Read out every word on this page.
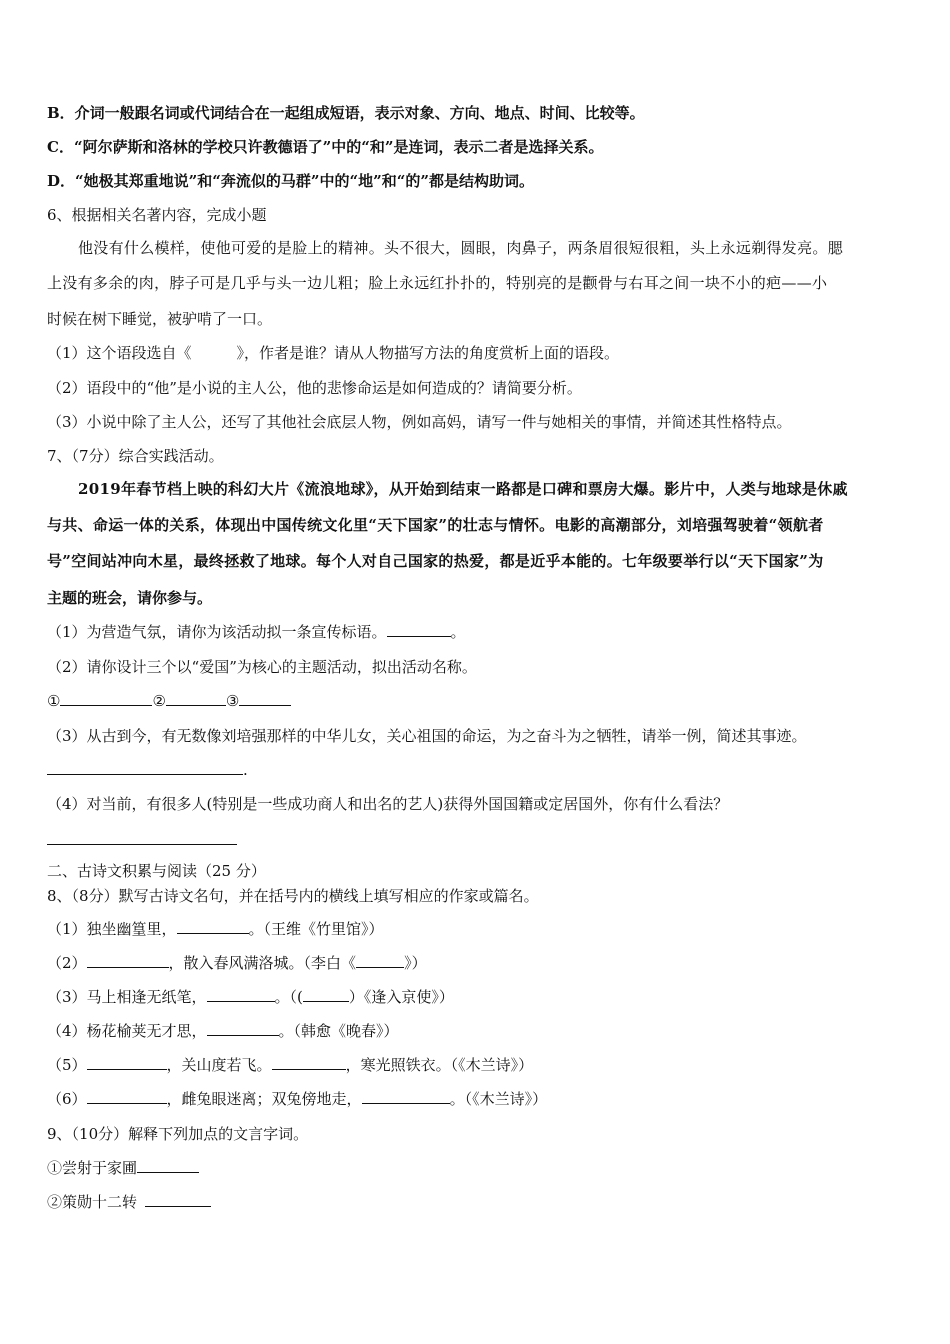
B．介词一般跟名词或代词结合在一起组成短语，表示对象、方向、地点、时间、比较等。
C．“阿尔萨斯和洛林的学校只许教德语了”中的“和”是连词，表示二者是选择关系。
D．“她极其郑重地说”和“奔流似的马群”中的“地”和“的”都是结构助词。
6、根据相关名著内容，完成小题
他没有什么模样，使他可爱的是脸上的精神。头不很大，圆眼，肉鼻子，两条眉很短很粗，头上永远剃得发亮。腮
上没有多余的肉，脖子可是几乎与头一边儿粗；脸上永远红扑扑的，特别亮的是颧骨与右耳之间一块不小的疤——小
时候在树下睡觉，被驴啃了一口。
（1）这个语段选自《　　　》，作者是谁？请从人物描写方法的角度赏析上面的语段。
（2）语段中的“他”是小说的主人公，他的悲惨命运是如何造成的？请简要分析。
（3）小说中除了主人公，还写了其他社会底层人物，例如高妈，请写一件与她相关的事情，并简述其性格特点。
7、（7分）综合实践活动。
2019年春节档上映的科幻大片《流浪地球》，从开始到结束一路都是口碑和票房大爆。影片中，人类与地球是休戚
与共、命运一体的关系，体现出中国传统文化里“天下国家”的壮志与情怀。电影的高潮部分，刘培强驾驶着“领航者
号”空间站冲向木星，最终拯救了地球。每个人对自己国家的热爱，都是近乎本能的。七年级要举行以“天下国家”为
主题的班会，请你参与。
（1）为营造气氛，请你为该活动拟一条宣传标语。	。
（2）请你设计三个以“爱国”为核心的主题活动，拟出活动名称。
①	②	③
（3）从古到今，有无数像刘培强那样的中华儿女，关心祖国的命运，为之奋斗为之牺牲，请举一例，简述其事迹。
.
（4）对当前，有很多人(特别是一些成功商人和出名的艺人)获得外国国籍或定居国外，你有什么看法？
二、古诗文积累与阅读（25 分）
8、（8分）默写古诗文名句，并在括号内的横线上填写相应的作家或篇名。
（1）独坐幽篁里，	。（王维《竹里馆》）
（2）	，散入春风满洛城。（李白《	》）
（3）马上相逢无纸笔，	。（(	）《逢入京使》）
（4）杨花榆荚无才思，	。（韩愈《晚春》）
（5）	，关山度若飞。	，寒光照铁衣。（《木兰诗》）
（6）	，雌兔眼迷离；双兔傍地走，	。（《木兰诗》）
9、（10分）解释下列加点的文言字词。
①尝射于家圃
②策勋十二转
